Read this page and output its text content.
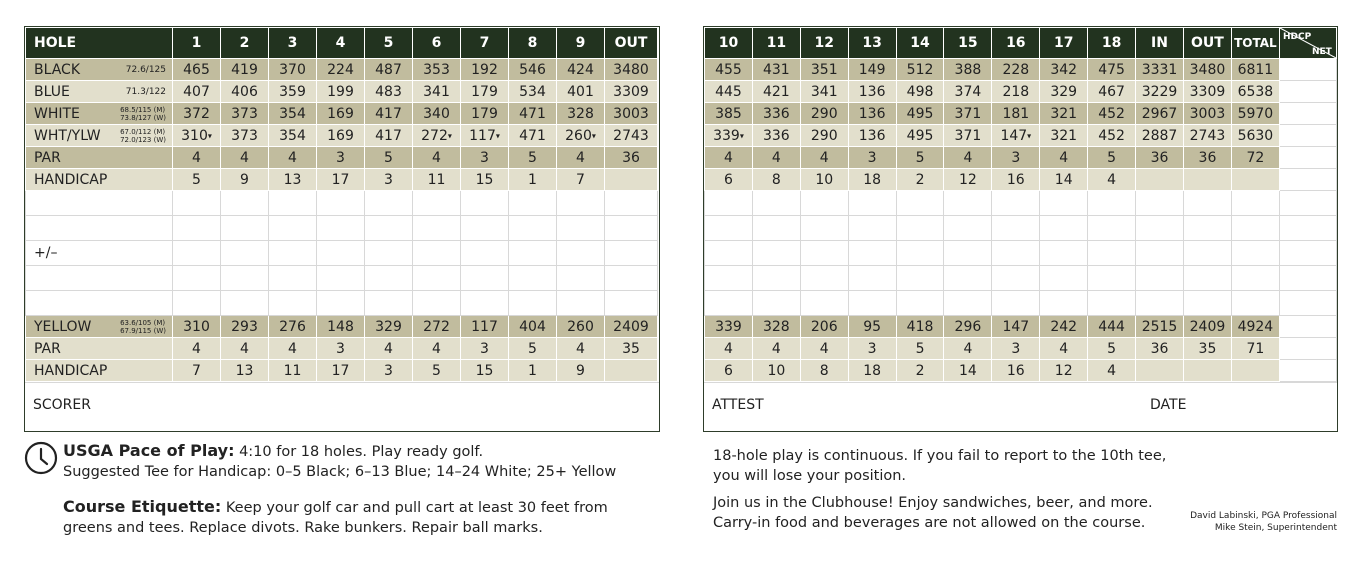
HOLE	1	2	3	4	5	6	7	8	9	OUT
BLACK 72.6/125	465	419	370	224	487	353	192	546	424	3480
BLUE 71.3/122	407	406	359	199	483	341	179	534	401	3309
WHITE 68.5/115 (M)
73.8/127 (W)	372	373	354	169	417	340	179	471	328	3003
WHT/YLW 67.0/112 (M)
72.0/123 (W)	310▾	373	354	169	417	272▾	117▾	471	260▾	2743
PAR	4	4	4	3	5	4	3	5	4	36
HANDICAP	5	9	13	17	3	11	15	1	7	

+/–										

YELLOW 63.6/105 (M)
67.9/115 (W)	310	293	276	148	329	272	117	404	260	2409
PAR	4	4	4	3	4	4	3	5	4	35
HANDICAP	7	13	11	17	3	5	15	1	9	
SCORER
10	11	12	13	14	15	16	17	18	IN	OUT	TOTAL	HDCP
NET

455	431	351	149	512	388	228	342	475	3331	3480	6811	
445	421	341	136	498	374	218	329	467	3229	3309	6538	
385	336	290	136	495	371	181	321	452	2967	3003	5970	
339▾	336	290	136	495	371	147▾	321	452	2887	2743	5630	
4	4	4	3	5	4	3	4	5	36	36	72	
6	8	10	18	2	12	16	14	4				

339	328	206	95	418	296	147	242	444	2515	2409	4924	
4	4	4	3	5	4	3	4	5	36	35	71	
6	10	8	18	2	14	16	12	4				
ATTEST	DATE
USGA Pace of Play: 4:10 for 18 holes. Play ready golf.
Suggested Tee for Handicap: 0–5 Black; 6–13 Blue; 14–24 White; 25+ Yellow
Course Etiquette: Keep your golf car and pull cart at least 30 feet from
greens and tees. Replace divots. Rake bunkers. Repair ball marks.
18-hole play is continuous. If you fail to report to the 10th tee,
you will lose your position.
Join us in the Clubhouse! Enjoy sandwiches, beer, and more.
Carry-in food and beverages are not allowed on the course.	David Labinski, PGA Professional
Mike Stein, Superintendent
